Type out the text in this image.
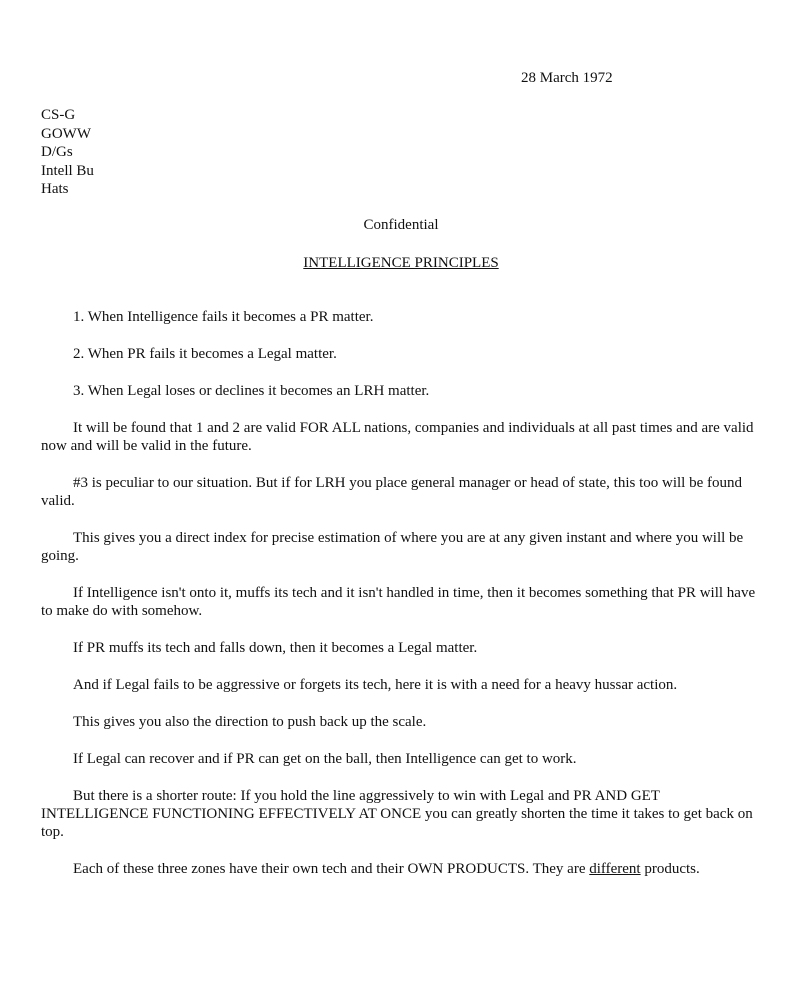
28 March 1972
CS-G
GOWW
D/Gs
Intell Bu
Hats
Confidential
INTELLIGENCE PRINCIPLES

1. When Intelligence fails it becomes a PR matter.

2. When PR fails it becomes a Legal matter.

3. When Legal loses or declines it becomes an LRH matter.

It will be found that 1 and 2 are valid FOR ALL nations, companies and individuals at all past times and are valid now and will be valid in the future.

#3 is peculiar to our situation. But if for LRH you place general manager or head of state, this too will be found valid.

This gives you a direct index for precise estimation of where you are at any given instant and where you will be going.

If Intelligence isn't onto it, muffs its tech and it isn't handled in time, then it becomes something that PR will have to make do with somehow.

If PR muffs its tech and falls down, then it becomes a Legal matter.

And if Legal fails to be aggressive or forgets its tech, here it is with a need for a heavy hussar action.

This gives you also the direction to push back up the scale.

If Legal can recover and if PR can get on the ball, then Intelligence can get to work.

But there is a shorter route: If you hold the line aggressively to win with Legal and PR AND GET INTELLIGENCE FUNCTIONING EFFECTIVELY AT ONCE you can greatly shorten the time it takes to get back on top.

Each of these three zones have their own tech and their OWN PRODUCTS. They are different products.
